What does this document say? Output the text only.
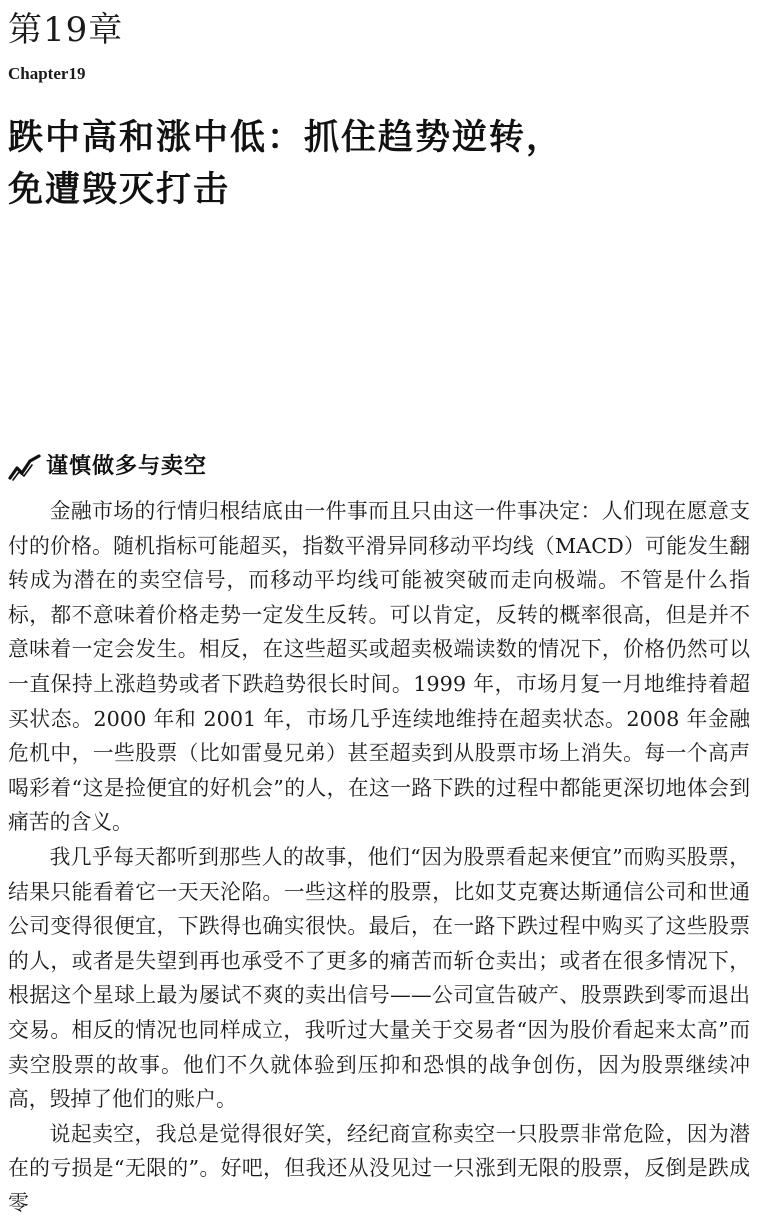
第19章
Chapter19
跌中高和涨中低：抓住趋势逆转，
免遭毁灭打击
谨慎做多与卖空

金融市场的行情归根结底由一件事而且只由这一件事决定：人们现在愿意支付的价格。随机指标可能超买，指数平滑异同移动平均线（MACD）可能发生翻转成为潜在的卖空信号，而移动平均线可能被突破而走向极端。不管是什么指标，都不意味着价格走势一定发生反转。可以肯定，反转的概率很高，但是并不意味着一定会发生。相反，在这些超买或超卖极端读数的情况下，价格仍然可以一直保持上涨趋势或者下跌趋势很长时间。1999 年，市场月复一月地维持着超买状态。2000 年和 2001 年，市场几乎连续地维持在超卖状态。2008 年金融危机中，一些股票（比如雷曼兄弟）甚至超卖到从股票市场上消失。每一个高声喝彩着“这是捡便宜的好机会”的人，在这一路下跌的过程中都能更深切地体会到痛苦的含义。

我几乎每天都听到那些人的故事，他们“因为股票看起来便宜”而购买股票，结果只能看着它一天天沦陷。一些这样的股票，比如艾克赛达斯通信公司和世通公司变得很便宜，下跌得也确实很快。最后，在一路下跌过程中购买了这些股票的人，或者是失望到再也承受不了更多的痛苦而斩仓卖出；或者在很多情况下，根据这个星球上最为屡试不爽的卖出信号——公司宣告破产、股票跌到零而退出交易。相反的情况也同样成立，我听过大量关于交易者“因为股价看起来太高”而卖空股票的故事。他们不久就体验到压抑和恐惧的战争创伤，因为股票继续冲高，毁掉了他们的账户。

说起卖空，我总是觉得很好笑，经纪商宣称卖空一只股票非常危险，因为潜在的亏损是“无限的”。好吧，但我还从没见过一只涨到无限的股票，反倒是跌成零
